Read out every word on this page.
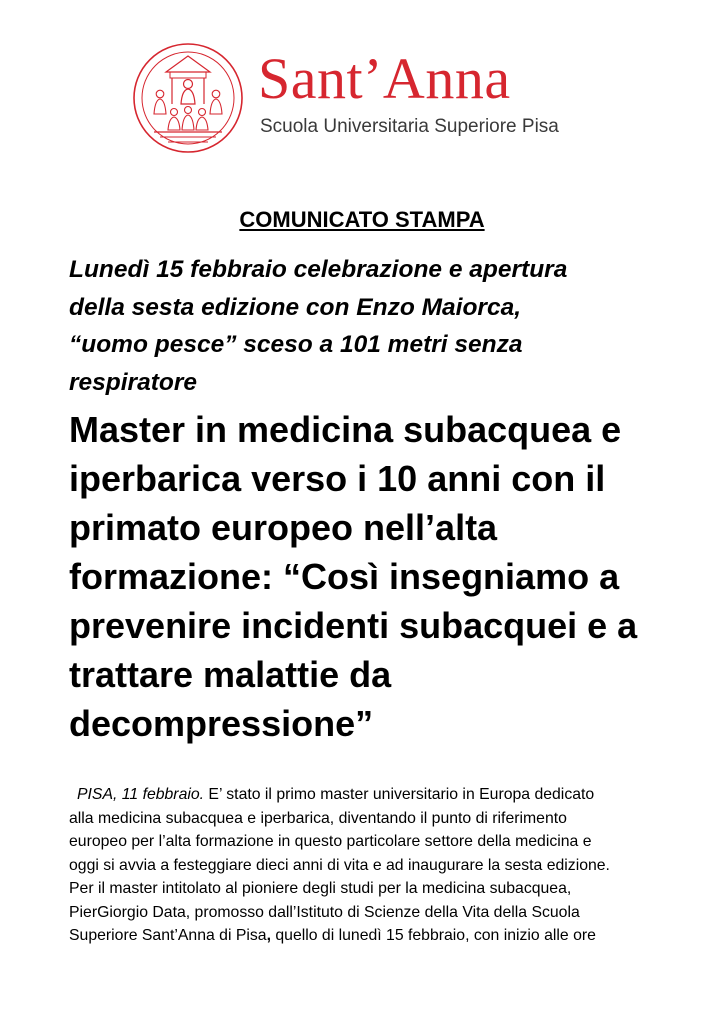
Sant’Anna
Scuola Universitaria Superiore Pisa
COMUNICATO STAMPA
Lunedì 15 febbraio celebrazione e apertura
della sesta edizione con Enzo Maiorca,
“uomo pesce” sceso a 101 metri senza
respiratore
Master in medicina subacquea e
iperbarica verso i 10 anni con il
primato europeo nell’alta
formazione: “Così insegniamo a
prevenire incidenti subacquei e a
trattare malattie da
decompressione”
PISA, 11 febbraio. E’ stato il primo master universitario in Europa dedicato
alla medicina subacquea e iperbarica, diventando il punto di riferimento
europeo per l’alta formazione in questo particolare settore della medicina e
oggi si avvia a festeggiare dieci anni di vita e ad inaugurare la sesta edizione.
Per il master intitolato al pioniere degli studi per la medicina subacquea,
PierGiorgio Data, promosso dall’Istituto di Scienze della Vita della Scuola
Superiore Sant’Anna di Pisa, quello di lunedì 15 febbraio, con inizio alle ore
